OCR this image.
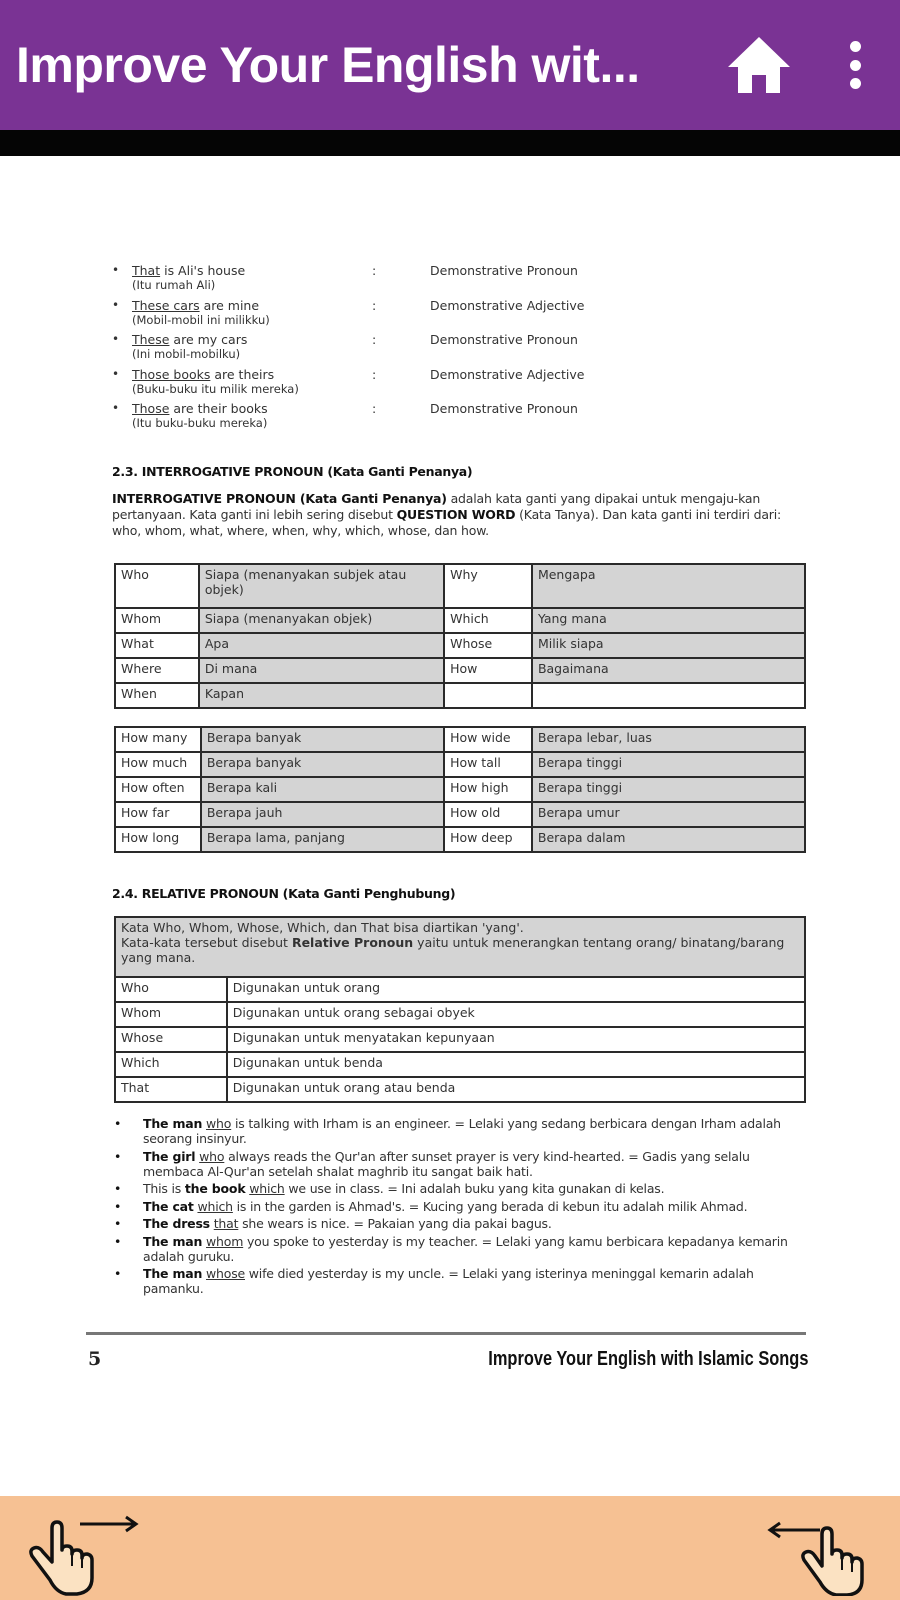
Improve Your English wit...
• That is Ali's house
(Itu rumah Ali)
:	Demonstrative Pronoun
• These cars are mine
(Mobil-mobil ini milikku)
:	Demonstrative Adjective
• These are my cars
(Ini mobil-mobilku)
:	Demonstrative Pronoun
• Those books are theirs
(Buku-buku itu milik mereka)
:	Demonstrative Adjective
• Those are their books
(Itu buku-buku mereka)
:	Demonstrative Pronoun
2.3. INTERROGATIVE PRONOUN (Kata Ganti Penanya)

INTERROGATIVE PRONOUN (Kata Ganti Penanya) adalah kata ganti yang dipakai untuk mengaju-kan pertanyaan. Kata ganti ini lebih sering disebut QUESTION WORD (Kata Tanya). Dan kata ganti ini terdiri dari: who, whom, what, where, when, why, which, whose, dan how.

Who	Siapa (menanyakan subjek atau objek)	Why	Mengapa
Whom	Siapa (menanyakan objek)	Which	Yang mana
What	Apa	Whose	Milik siapa
Where	Di mana	How	Bagaimana
When	Kapan		
How many	Berapa banyak	How wide	Berapa lebar, luas
How much	Berapa banyak	How tall	Berapa tinggi
How often	Berapa kali	How high	Berapa tinggi
How far	Berapa jauh	How old	Berapa umur
How long	Berapa lama, panjang	How deep	Berapa dalam
2.4. RELATIVE PRONOUN (Kata Ganti Penghubung)
Kata Who, Whom, Whose, Which, dan That bisa diartikan 'yang'.
Kata-kata tersebut disebut Relative Pronoun yaitu untuk menerangkan tentang orang/ binatang/barang yang mana.	
Who	Digunakan untuk orang
Whom	Digunakan untuk orang sebagai obyek
Whose	Digunakan untuk menyatakan kepunyaan
Which	Digunakan untuk benda
That	Digunakan untuk orang atau benda
• The man who is talking with Irham is an engineer. = Lelaki yang sedang berbicara dengan Irham adalah seorang insinyur.
• The girl who always reads the Qur'an after sunset prayer is very kind-hearted. = Gadis yang selalu membaca Al-Qur'an setelah shalat maghrib itu sangat baik hati.
• This is the book which we use in class. = Ini adalah buku yang kita gunakan di kelas.
• The cat which is in the garden is Ahmad's. = Kucing yang berada di kebun itu adalah milik Ahmad.
• The dress that she wears is nice. = Pakaian yang dia pakai bagus.
• The man whom you spoke to yesterday is my teacher. = Lelaki yang kamu berbicara kepadanya kemarin adalah guruku.
• The man whose wife died yesterday is my uncle. = Lelaki yang isterinya meninggal kemarin adalah pamanku.
5	Improve Your English with Islamic Songs
